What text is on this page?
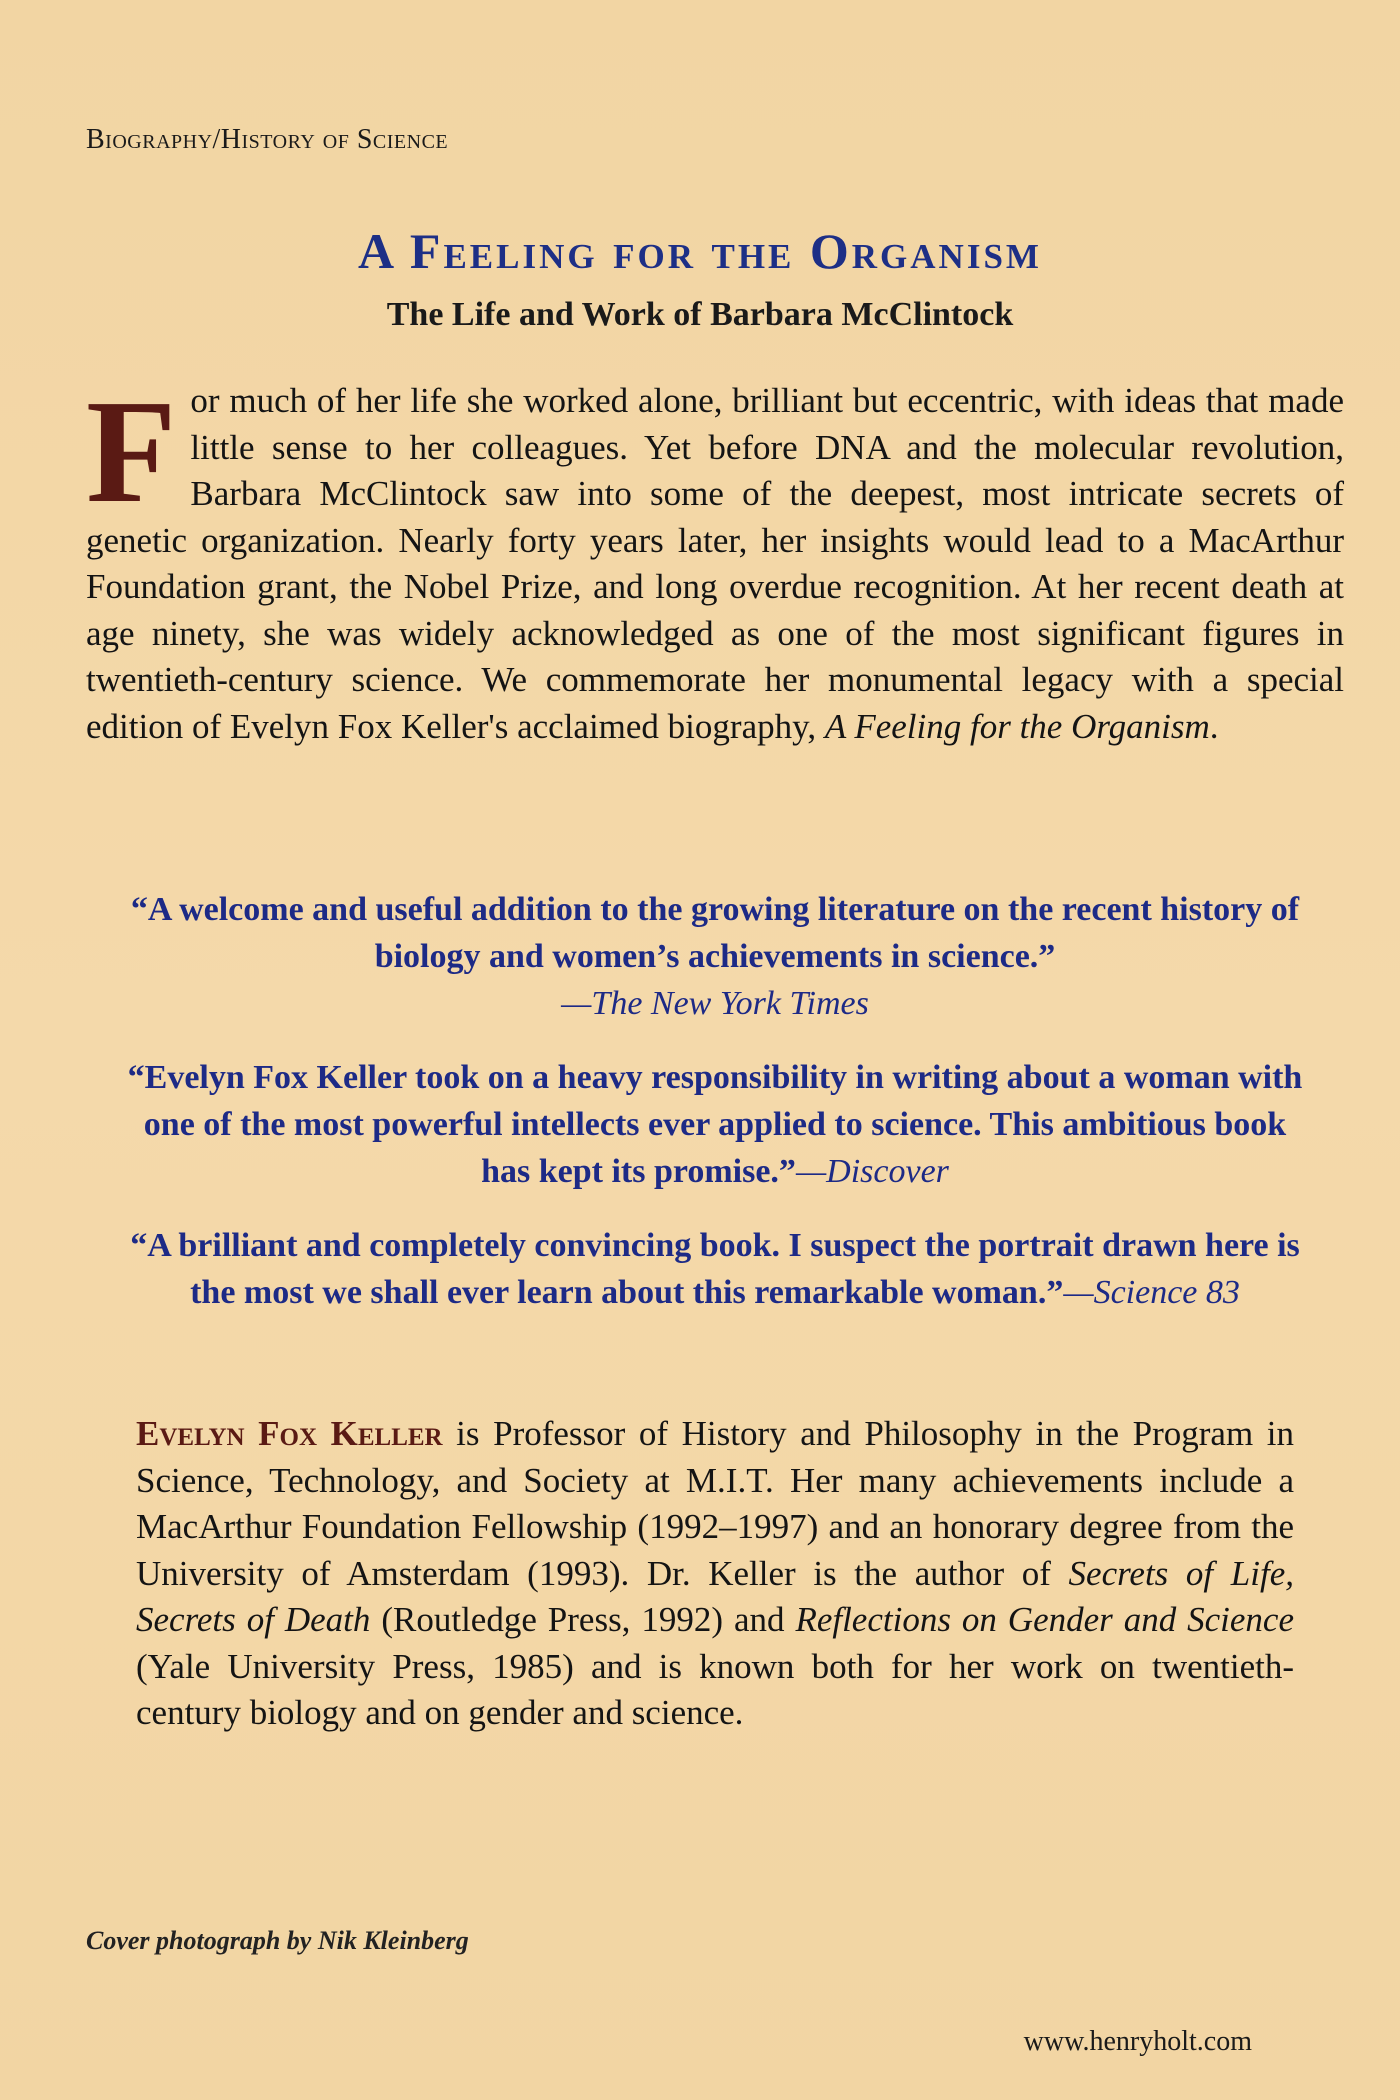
Biography/History of Science
A Feeling for the Organism
The Life and Work of Barbara McClintock
For much of her life she worked alone, brilliant but eccentric, with ideas that made little sense to her colleagues. Yet before DNA and the molecular revolution, Barbara McClintock saw into some of the deepest, most intricate secrets of genetic organization. Nearly forty years later, her insights would lead to a MacArthur Foundation grant, the Nobel Prize, and long overdue recognition. At her recent death at age ninety, she was widely acknowledged as one of the most significant figures in twentieth-century science. We commemorate her monumental legacy with a special edition of Evelyn Fox Keller's acclaimed biography, A Feeling for the Organism.
“A welcome and useful addition to the growing literature on the recent history of biology and women’s achievements in science.”
—The New York Times
“Evelyn Fox Keller took on a heavy responsibility in writing about a woman with one of the most powerful intellects ever applied to science. This ambitious book has kept its promise.”—Discover
“A brilliant and completely convincing book. I suspect the portrait drawn here is the most we shall ever learn about this remarkable woman.”—Science 83
Evelyn Fox Keller is Professor of History and Philosophy in the Program in Science, Technology, and Society at M.I.T. Her many achievements include a MacArthur Foundation Fellowship (1992–1997) and an honorary degree from the University of Amsterdam (1993). Dr. Keller is the author of Secrets of Life, Secrets of Death (Routledge Press, 1992) and Reflections on Gender and Science (Yale University Press, 1985) and is known both for her work on twentieth-century biology and on gender and science.
Cover photograph by Nik Kleinberg
www.henryholt.com
